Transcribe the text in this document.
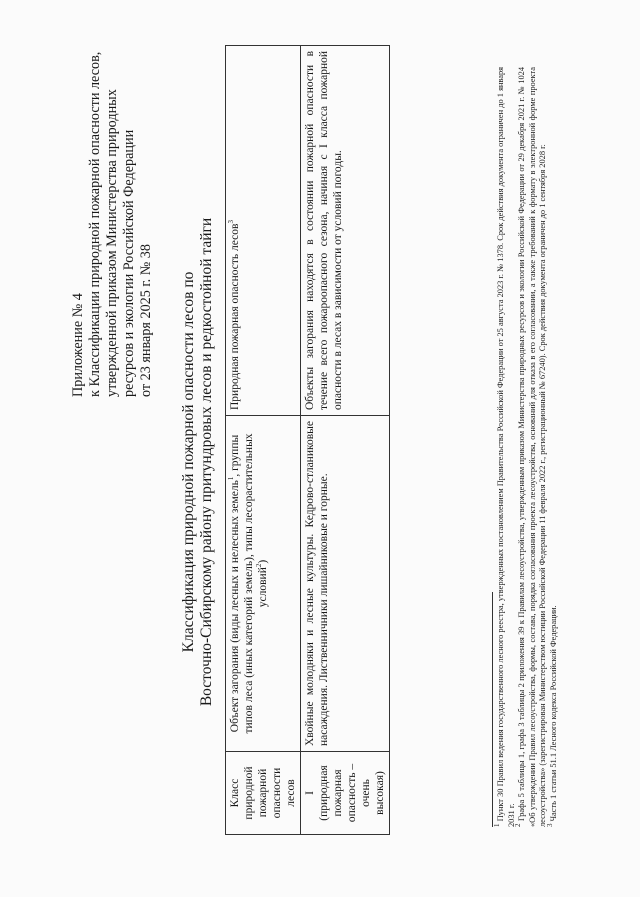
Приложение № 4 к Классификации природной пожарной опасности лесов, утвержденной приказом Министерства природных ресурсов и экологии Российской Федерации от 23 января 2025 г. № 38 Классификация природной пожарной опасности лесов по Восточно-Сибирскому району притундровых лесов и редкостойной тайги
Класс природной пожарной опасности лесов	Объект загорания (виды лесных и нелесных земель$^1$, группы типов леса (иных категорий земель), типы лесорастительных условий$^2$)	Природная пожарная опасность лесов$^3$

I (природная пожарная опасность – очень высокая)	Хвойные молодняки и лесные культуры. Кедрово-стланиковые насаждения. Лиственничники лишайниковые и горные.	Объекты загорания находятся в состоянии пожарной опасности в течение всего пожароопасного сезона, начиная с I класса пожарной опасности в лесах в зависимости от условий погоды.

$^1$ Пункт 30 Правил ведения государственного лесного реестра, утвержденных постановлением Правительства Российской Федерации от 25 августа 2023 г. № 1378. Срок действия документа ограничен до 1 января 2031 г.

$^2$ Графа 5 таблицы 1, графа 3 таблицы 2 приложения 39 к Правилам лесоустройства, утвержденным приказом Министерства природных ресурсов и экологии Российской Федерации от 29 декабря 2021 г. № 1024 «Об утверждении Правил лесоустройства, формы, состава, порядка согласования проекта лесоустройства, оснований для отказа в его согласовании, а также требований к формату в электронной форме проекта лесоустройства» (зарегистрирован Министерством юстиции Российской Федерации 11 февраля 2022 г., регистрационный № 67240). Срок действия документа ограничен до 1 сентября 2028 г.

$^3$ Часть 1 статьи 51.1 Лесного кодекса Российской Федерации.
